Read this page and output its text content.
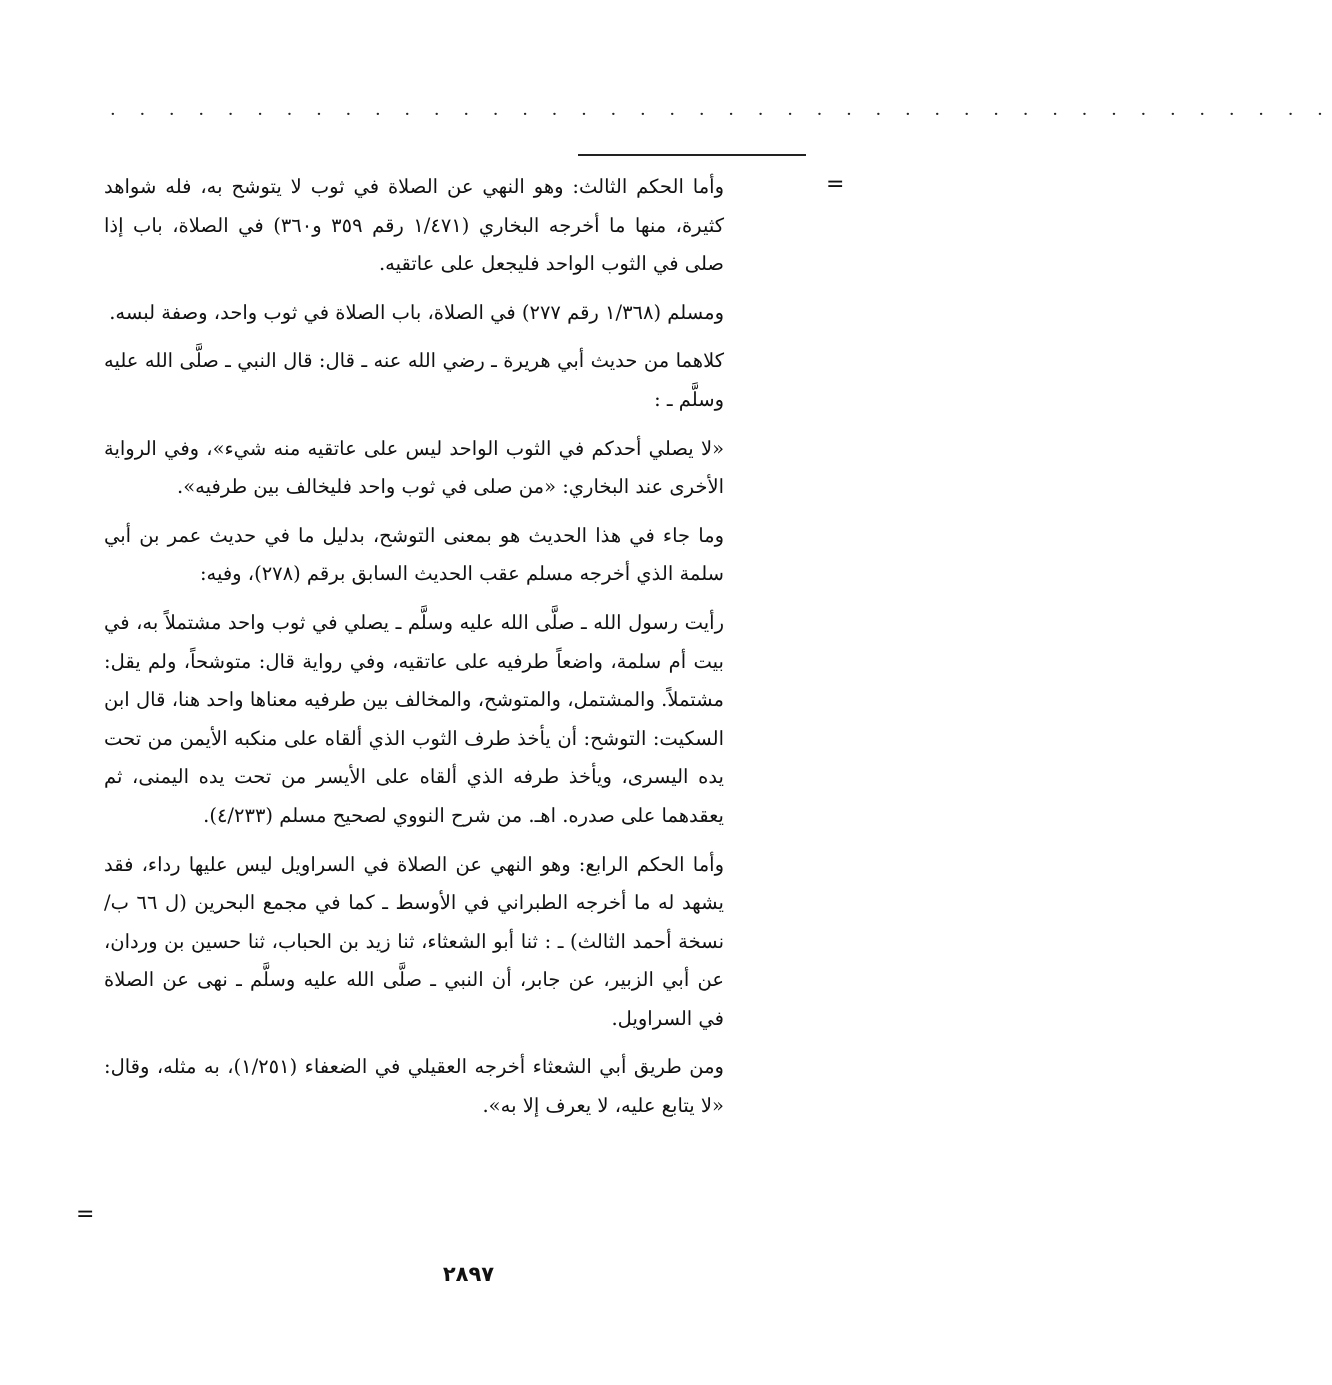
· · · · · · · · · · · · · · · · · · · · · · · · · · · · · · · · · · · · · · · · · ·
=

وأما الحكم الثالث: وهو النهي عن الصلاة في ثوب لا يتوشح به، فله شواهد كثيرة، منها ما أخرجه البخاري (١/٤٧١ رقم ٣٥٩ و٣٦٠) في الصلاة، باب إذا صلى في الثوب الواحد فليجعل على عاتقيه.

ومسلم (١/٣٦٨ رقم ٢٧٧) في الصلاة، باب الصلاة في ثوب واحد، وصفة لبسه.

كلاهما من حديث أبي هريرة ـ رضي الله عنه ـ قال: قال النبي ـ صلَّى الله عليه وسلَّم ـ :

«لا يصلي أحدكم في الثوب الواحد ليس على عاتقيه منه شيء»، وفي الرواية الأخرى عند البخاري: «من صلى في ثوب واحد فليخالف بين طرفيه».

وما جاء في هذا الحديث هو بمعنى التوشح، بدليل ما في حديث عمر بن أبي سلمة الذي أخرجه مسلم عقب الحديث السابق برقم (٢٧٨)، وفيه:

رأيت رسول الله ـ صلَّى الله عليه وسلَّم ـ يصلي في ثوب واحد مشتملاً به، في بيت أم سلمة، واضعاً طرفيه على عاتقيه، وفي رواية قال: متوشحاً، ولم يقل: مشتملاً. والمشتمل، والمتوشح، والمخالف بين طرفيه معناها واحد هنا، قال ابن السكيت: التوشح: أن يأخذ طرف الثوب الذي ألقاه على منكبه الأيمن من تحت يده اليسرى، ويأخذ طرفه الذي ألقاه على الأيسر من تحت يده اليمنى، ثم يعقدهما على صدره. اهـ. من شرح النووي لصحيح مسلم (٤/٢٣٣).

وأما الحكم الرابع: وهو النهي عن الصلاة في السراويل ليس عليها رداء، فقد يشهد له ما أخرجه الطبراني في الأوسط ـ كما في مجمع البحرين (ل ٦٦ ب/ نسخة أحمد الثالث) ـ : ثنا أبو الشعثاء، ثنا زيد بن الحباب، ثنا حسين بن وردان، عن أبي الزبير، عن جابر، أن النبي ـ صلَّى الله عليه وسلَّم ـ نهى عن الصلاة في السراويل.

ومن طريق أبي الشعثاء أخرجه العقيلي في الضعفاء (١/٢٥١)، به مثله، وقال: «لا يتابع عليه، لا يعرف إلا به».

=
٢٨٩٧
